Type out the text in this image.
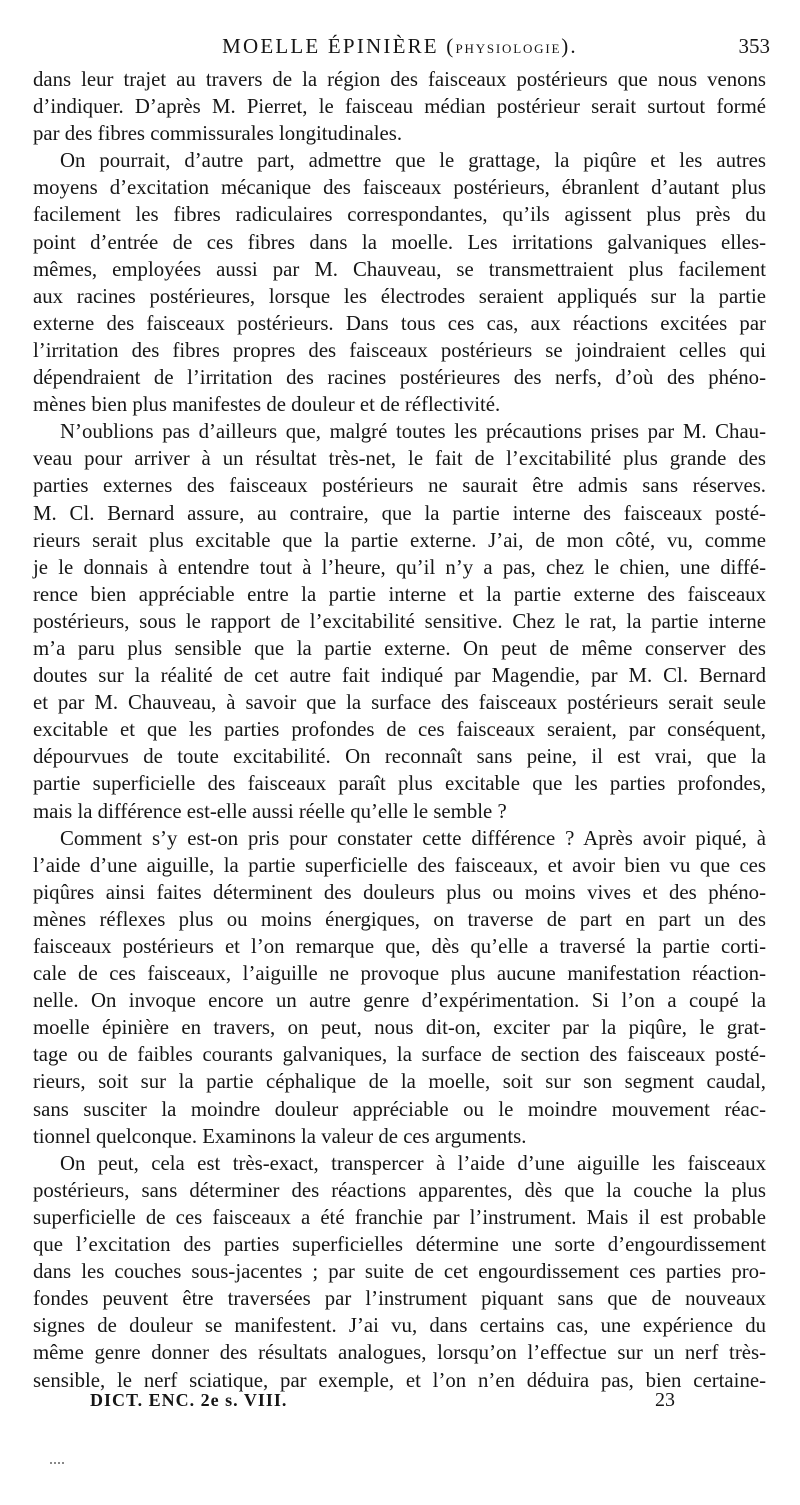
MOELLE ÉPINIÈRE (PHYSIOLOGIE).	353
dans leur trajet au travers de la région des faisceaux postérieurs que nous venons
d’indiquer. D’après M. Pierret, le faisceau médian postérieur serait surtout formé
par des fibres commissurales longitudinales.
On pourrait, d’autre part, admettre que le grattage, la piqûre et les autres
moyens d’excitation mécanique des faisceaux postérieurs, ébranlent d’autant plus
facilement les fibres radiculaires correspondantes, qu’ils agissent plus près du
point d’entrée de ces fibres dans la moelle. Les irritations galvaniques elles-
mêmes, employées aussi par M. Chauveau, se transmettraient plus facilement
aux racines postérieures, lorsque les électrodes seraient appliqués sur la partie
externe des faisceaux postérieurs. Dans tous ces cas, aux réactions excitées par
l’irritation des fibres propres des faisceaux postérieurs se joindraient celles qui
dépendraient de l’irritation des racines postérieures des nerfs, d’où des phéno-
mènes bien plus manifestes de douleur et de réflectivité.
N’oublions pas d’ailleurs que, malgré toutes les précautions prises par M. Chau-
veau pour arriver à un résultat très-net, le fait de l’excitabilité plus grande des
parties externes des faisceaux postérieurs ne saurait être admis sans réserves.
M. Cl. Bernard assure, au contraire, que la partie interne des faisceaux posté-
rieurs serait plus excitable que la partie externe. J’ai, de mon côté, vu, comme
je le donnais à entendre tout à l’heure, qu’il n’y a pas, chez le chien, une diffé-
rence bien appréciable entre la partie interne et la partie externe des faisceaux
postérieurs, sous le rapport de l’excitabilité sensitive. Chez le rat, la partie interne
m’a paru plus sensible que la partie externe. On peut de même conserver des
doutes sur la réalité de cet autre fait indiqué par Magendie, par M. Cl. Bernard
et par M. Chauveau, à savoir que la surface des faisceaux postérieurs serait seule
excitable et que les parties profondes de ces faisceaux seraient, par conséquent,
dépourvues de toute excitabilité. On reconnaît sans peine, il est vrai, que la
partie superficielle des faisceaux paraît plus excitable que les parties profondes,
mais la différence est-elle aussi réelle qu’elle le semble ?
Comment s’y est-on pris pour constater cette différence ? Après avoir piqué, à
l’aide d’une aiguille, la partie superficielle des faisceaux, et avoir bien vu que ces
piqûres ainsi faites déterminent des douleurs plus ou moins vives et des phéno-
mènes réflexes plus ou moins énergiques, on traverse de part en part un des
faisceaux postérieurs et l’on remarque que, dès qu’elle a traversé la partie corti-
cale de ces faisceaux, l’aiguille ne provoque plus aucune manifestation réaction-
nelle. On invoque encore un autre genre d’expérimentation. Si l’on a coupé la
moelle épinière en travers, on peut, nous dit-on, exciter par la piqûre, le grat-
tage ou de faibles courants galvaniques, la surface de section des faisceaux posté-
rieurs, soit sur la partie céphalique de la moelle, soit sur son segment caudal,
sans susciter la moindre douleur appréciable ou le moindre mouvement réac-
tionnel quelconque. Examinons la valeur de ces arguments.
On peut, cela est très-exact, transpercer à l’aide d’une aiguille les faisceaux
postérieurs, sans déterminer des réactions apparentes, dès que la couche la plus
superficielle de ces faisceaux a été franchie par l’instrument. Mais il est probable
que l’excitation des parties superficielles détermine une sorte d’engourdissement
dans les couches sous-jacentes ; par suite de cet engourdissement ces parties pro-
fondes peuvent être traversées par l’instrument piquant sans que de nouveaux
signes de douleur se manifestent. J’ai vu, dans certains cas, une expérience du
même genre donner des résultats analogues, lorsqu’on l’effectue sur un nerf très-
sensible, le nerf sciatique, par exemple, et l’on n’en déduira pas, bien certaine-
DICT. ENC. 2e s. VIII.	23
